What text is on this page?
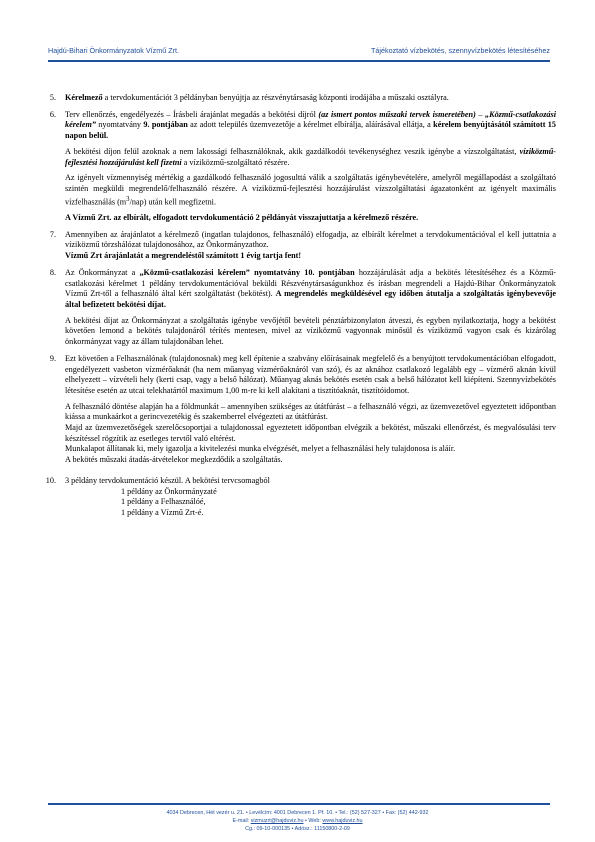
Hajdú-Bihari Önkormányzatok Vízmű Zrt.	Tájékoztató vízbekötés, szennyvízbekötés létesítéséhez
5.	Kérelmező a tervdokumentációt 3 példányban benyújtja az részvénytársaság központi irodájába a műszaki osztályra.

6.	Terv ellenőrzés, engedélyezés – Írásbeli árajánlat megadás a bekötési díjról (az ismert pontos műszaki tervek ismeretében) – „Közmű-csatlakozási kérelem” nyomtatvány 9. pontjában az adott település üzemvezetője a kérelmet elbírálja, aláírásával ellátja, a kérelem benyújtásától számított 15 napon belül.

A bekötési díjon felül azoknak a nem lakossági felhasználóknak, akik gazdálkodói tevékenységhez veszik igénybe a vízszolgáltatást, víziközmű-fejlesztési hozzájárulást kell fizetni a víziközmű-szolgáltató részére.

Az igényelt vízmennyiség mértékig a gazdálkodó felhasználó jogosulttá válik a szolgáltatás igénybevételére, amelyről megállapodást a szolgáltató szintén megküldi megrendelő/felhasználó részére. A víziközmű-fejlesztési hozzájárulást vízszolgáltatási ágazatonként az igényelt maximális vízfelhasználás $(m^3/nap)$ után kell megfizetni.

A Vízmű Zrt. az elbírált, elfogadott tervdokumentáció 2 példányát visszajuttatja a kérelmező részére.

7.	Amennyiben az árajánlatot a kérelmező (ingatlan tulajdonos, felhasználó) elfogadja, az elbírált kérelmet a tervdokumentációval el kell juttatnia a víziközmű törzshálózat tulajdonosához, az Önkormányzathoz.

Vízmű Zrt árajánlatát a megrendeléstől számított 1 évig tartja fent!

8.	Az Önkormányzat a „Közmű-csatlakozási kérelem” nyomtatvány 10. pontjában hozzájárulását adja a bekötés létesítéséhez és a Közmű-csatlakozási kérelmet 1 példány tervdokumentációval beküldi Részvénytársaságunkhoz és írásban megrendeli a Hajdú-Bihar Önkormányzatok Vízmű Zrt-től a felhasználó által kért szolgáltatást (bekötést). A megrendelés megküldésével egy időben átutalja a szolgáltatás igénybevevője által befizetett bekötési díjat.

A bekötési díjat az Önkormányzat a szolgáltatás igénybe vevőjétől bevételi pénztárbizonylaton átveszi, és egyben nyilatkoztatja, hogy a bekötést követően lemond a bekötés tulajdonáról térítés mentesen, mivel az víziközmű vagyonnak minősül és víziközmű vagyon csak és kizárólag önkormányzat vagy az állam tulajdonában lehet.

9.	Ezt követően a Felhasználónak (tulajdonosnak) meg kell építenie a szabvány előírásainak megfelelő és a benyújtott tervdokumentációban elfogadott, engedélyezett vasbeton vízmérőaknát (ha nem műanyag vízmérőaknáról van szó), és az aknához csatlakozó legalább egy – vízmérő aknán kívül elhelyezett – vízvételi hely (kerti csap, vagy a belső hálózat). Műanyag aknás bekötés esetén csak a belső hálózatot kell kiépíteni. Szennyvízbekötés létesítése esetén az utcai telekhatártól maximum 1,00 m-re ki kell alakítani a tisztítóaknát, tisztítóidomot.

A felhasználó döntése alapján ha a földmunkát – amennyiben szükséges az útátfúrást – a felhasználó végzi, az üzemvezetővel egyeztetett időpontban kiássa a munkaárkot a gerincvezetékig és szakemberrel elvégezteti az útátfúrást.

Majd az üzemvezetőségek szerelőcsoportjai a tulajdonossal egyeztetett időpontban elvégzik a bekötést, műszaki ellenőrzést, és megvalósulási terv készítéssel rögzítik az esetleges tervtől való eltérést.

Munkalapot állítanak ki, mely igazolja a kivitelezési munka elvégzését, melyet a felhasználási hely tulajdonosa is aláír.

A bekötés műszaki átadás-átvételekor megkezdődik a szolgáltatás.

10.	3 példány tervdokumentáció készül. A bekötési tervcsomagból

1 példány az Önkormányzaté
1 példány a Felhasználóé,
1 példány a Vízmű Zrt-é.
4034 Debrecen, Hét vezér u. 21. • Levélcím: 4001 Debrecen 1. Pf. 10. • Tel.: (52) 527-327 • Fax: (52) 442-932
E-mail: vizmuzrt@hajduviz.hu • Web: www.hajduviz.hu
Cg.: 09-10-000135 • Adósz.: 11150800-2-09
